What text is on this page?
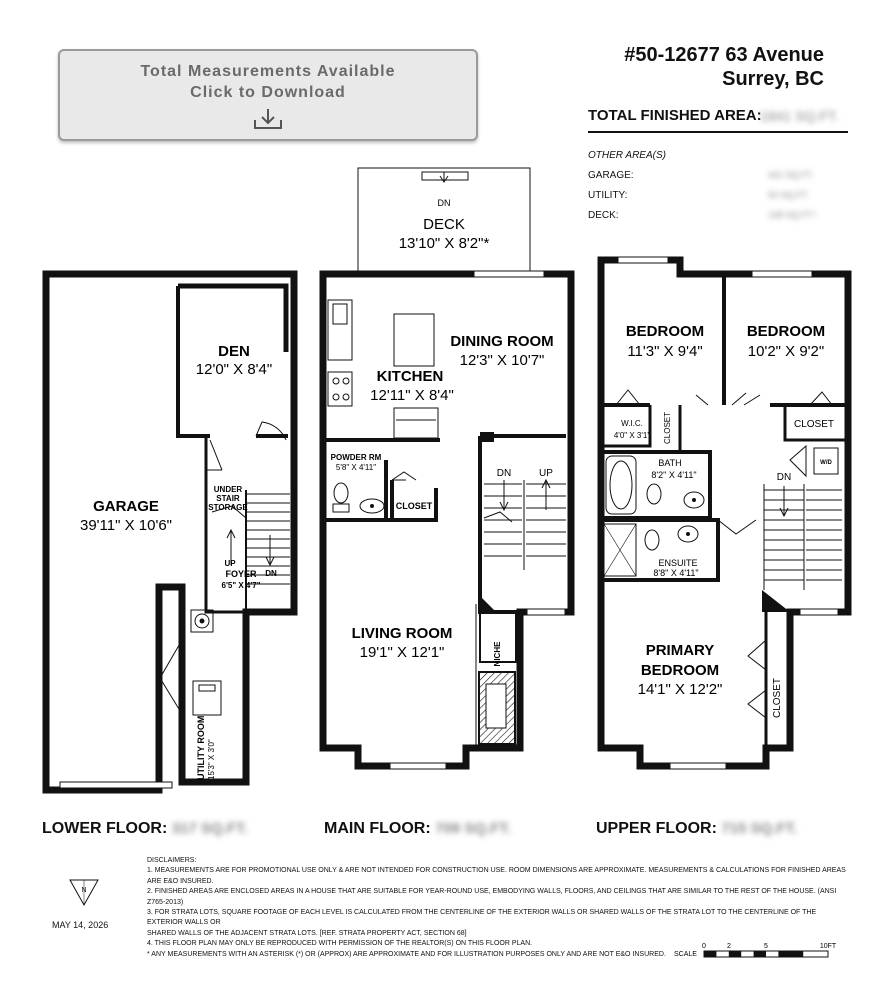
Total Measurements Available
Click to Download
#50-12677 63 Avenue
Surrey, BC
TOTAL FINISHED AREA:
1841 SQ.FT.
OTHER AREA(S)
GARAGE:	441 SQ.FT.
UTILITY:	50 SQ.FT.
DECK:	108 SQ.FT.*
DEN
12'0" X 8'4"
GARAGE
39'11" X 10'6"
UNDER STAIR STORAGE
UP
DN
FOYER
6'5" X 4'7"
UTILITY ROOM 15'3" X 3'0"
DN
DECK
13'10" X 8'2"*
DINING ROOM
12'3" X 10'7"
KITCHEN
12'11" X 8'4"
POWDER RM
5'8" X 4'11"
CLOSET
DN	UP
LIVING ROOM
19'1" X 12'1"	NICHE
BEDROOM
11'3" X 9'4"
BEDROOM
10'2" X 9'2"
W.I.C.
4'0" X 3'1" CLOSET
BATH
8'2" X 4'11"
CLOSET
ENSUITE
8'8" X 4'11"
PRIMARY
BEDROOM
14'1" X 12'2"	CLOSET
DN
W/D
N
SCALE
0	2	5	10FT
LOWER FLOOR: 317 SQ.FT.	MAIN FLOOR: 709 SQ.FT.	UPPER FLOOR: 715 SQ.FT.
DISCLAIMERS:
1. MEASUREMENTS ARE FOR PROMOTIONAL USE ONLY & ARE NOT INTENDED FOR CONSTRUCTION USE. ROOM DIMENSIONS ARE APPROXIMATE. MEASUREMENTS & CALCULATIONS FOR FINISHED AREAS ARE E&O INSURED.
2. FINISHED AREAS ARE ENCLOSED AREAS IN A HOUSE THAT ARE SUITABLE FOR YEAR-ROUND USE, EMBODYING WALLS, FLOORS, AND CEILINGS THAT ARE SIMILAR TO THE REST OF THE HOUSE. (ANSI Z765-2013)
3. FOR STRATA LOTS, SQUARE FOOTAGE OF EACH LEVEL IS CALCULATED FROM THE CENTERLINE OF THE EXTERIOR WALLS OR SHARED WALLS OF THE STRATA LOT TO THE CENTERLINE OF THE EXTERIOR WALLS OR
SHARED WALLS OF THE ADJACENT STRATA LOTS. [REF. STRATA PROPERTY ACT, SECTION 68]
4. THIS FLOOR PLAN MAY ONLY BE REPRODUCED WITH PERMISSION OF THE REALTOR(S) ON THIS FLOOR PLAN.
* ANY MEASUREMENTS WITH AN ASTERISK (*) OR (APPROX) ARE APPROXIMATE AND FOR ILLUSTRATION PURPOSES ONLY AND ARE NOT E&O INSURED.
MAY 14, 2026
